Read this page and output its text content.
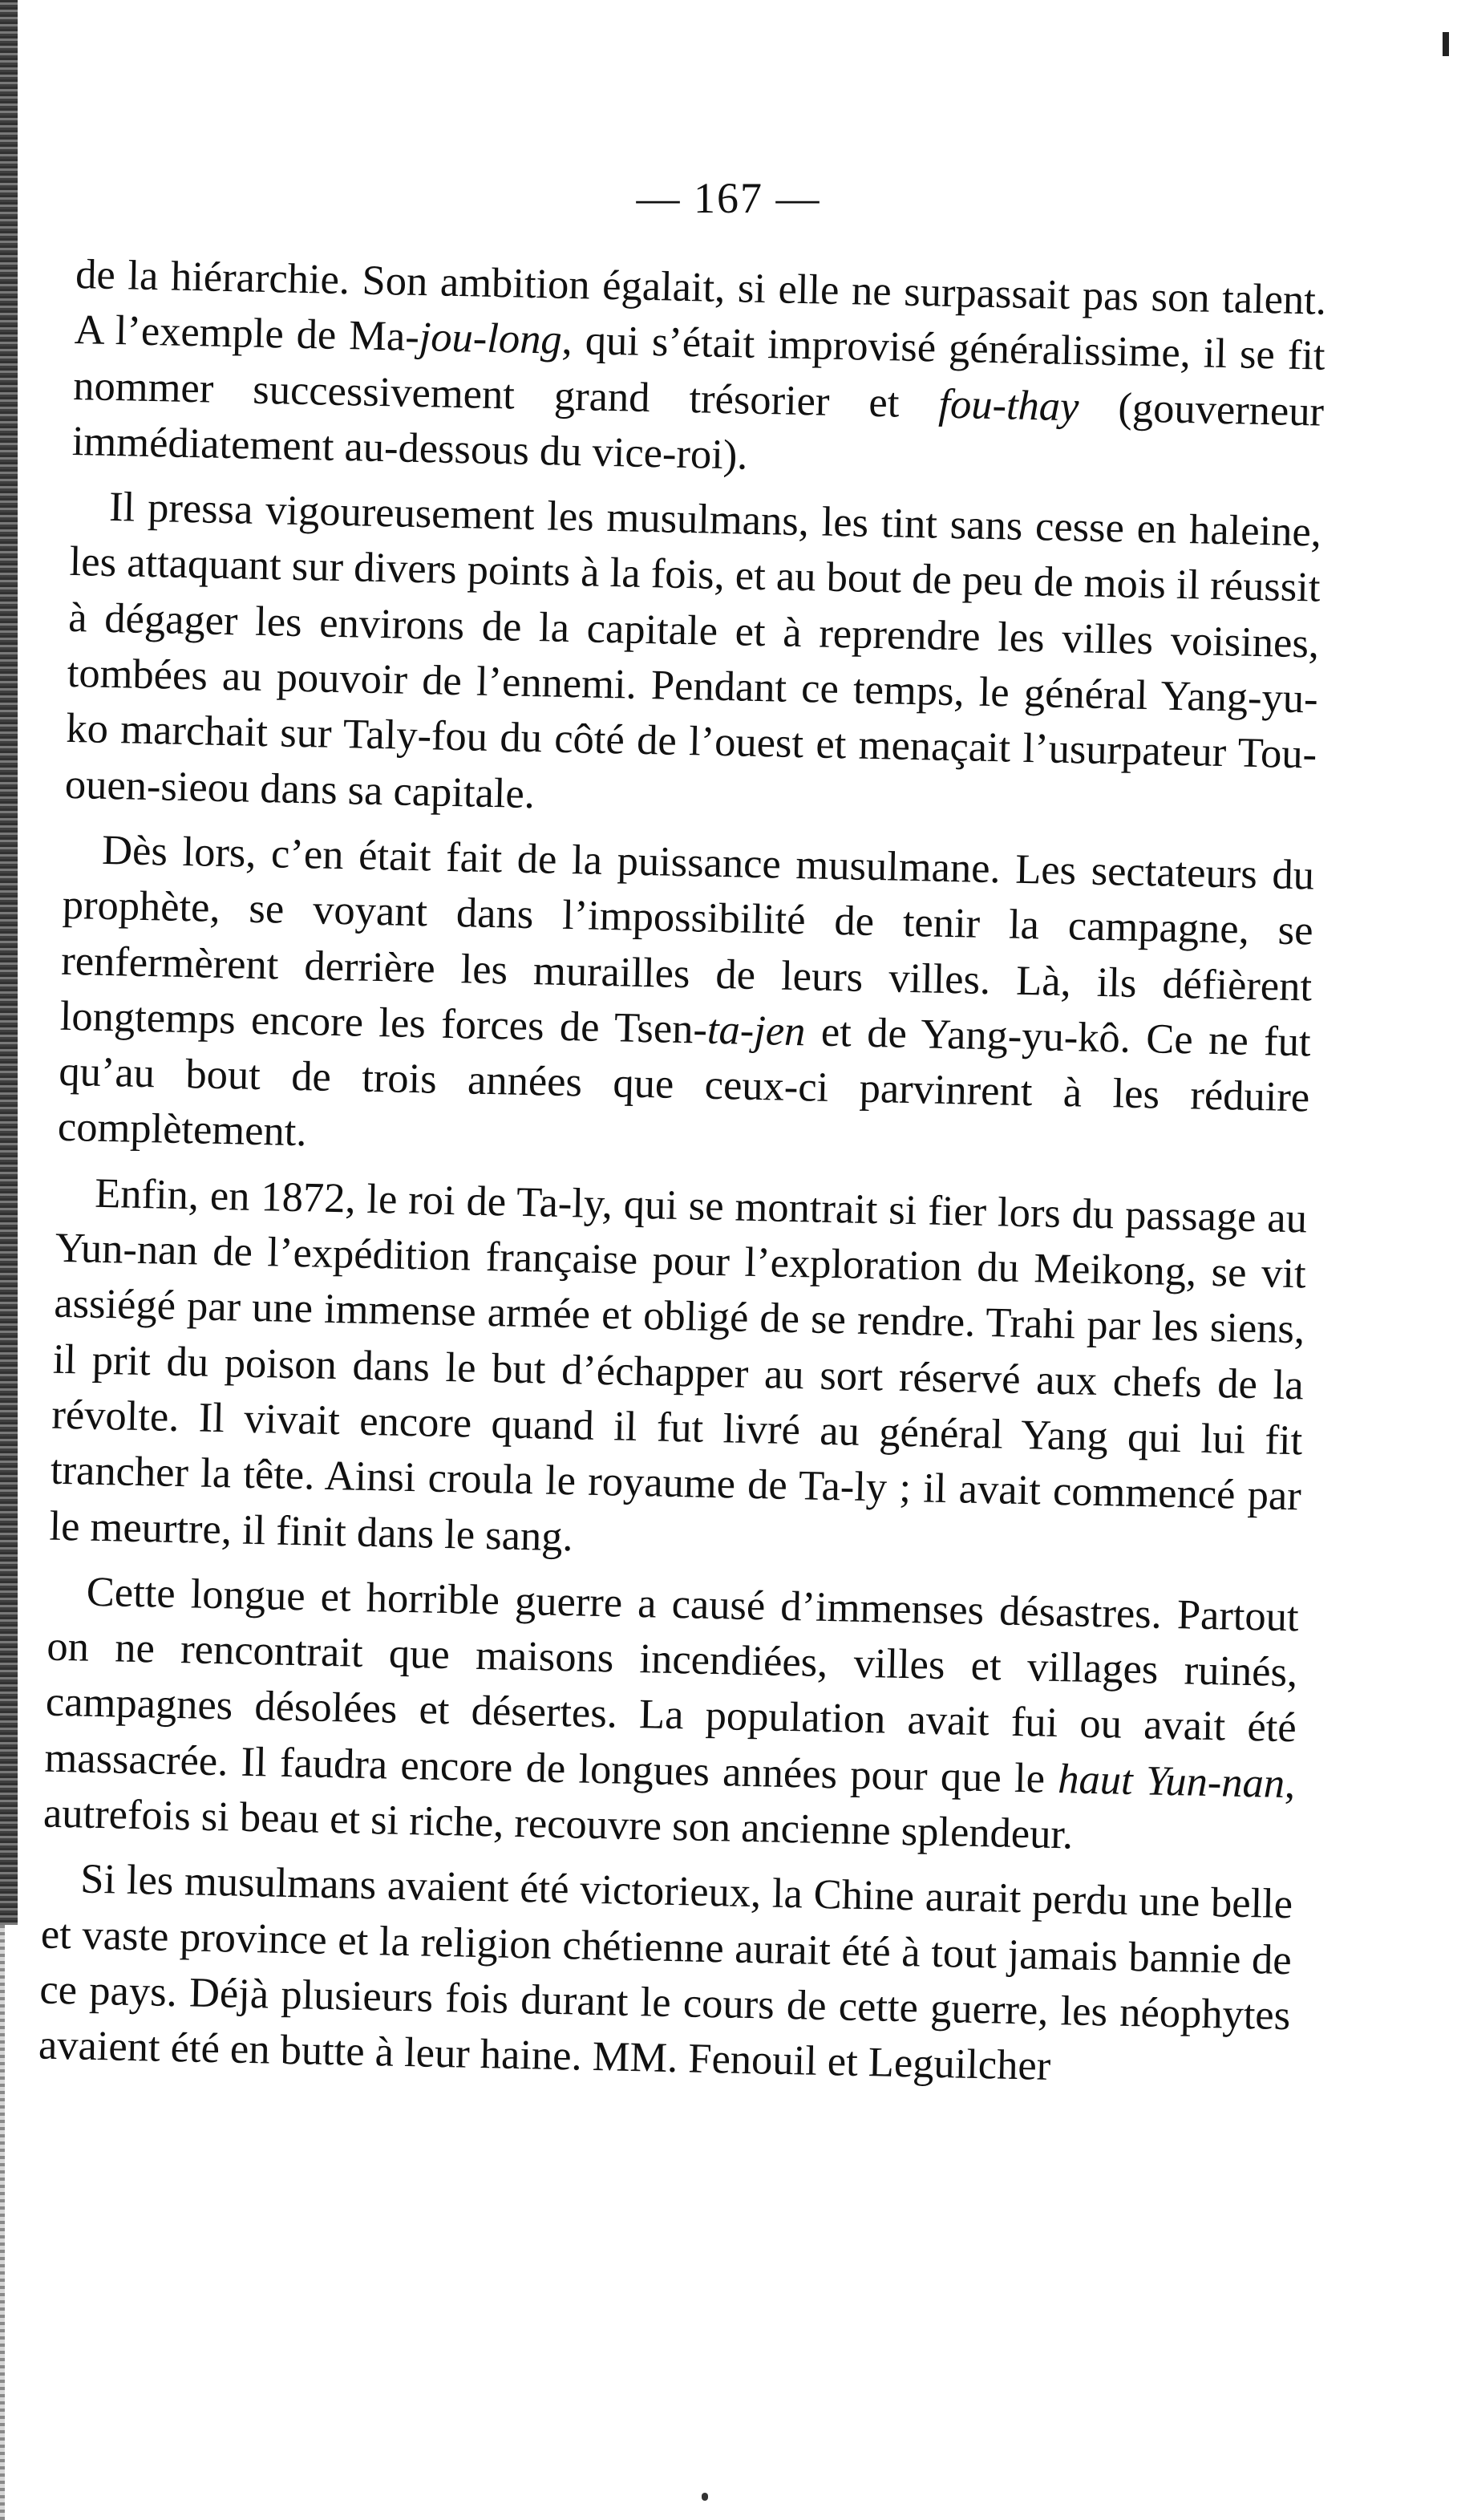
— 167 —

de la hiérarchie. Son ambition égalait, si elle ne surpassait pas son talent. A l’exemple de Ma-jou-long, qui s’était improvisé généralissime, il se fit nommer successivement grand trésorier et fou-thay (gouverneur immédiatement au-dessous du vice-roi).

Il pressa vigoureusement les musulmans, les tint sans cesse en haleine, les attaquant sur divers points à la fois, et au bout de peu de mois il réussit à dégager les environs de la capitale et à reprendre les villes voisines, tombées au pouvoir de l’ennemi. Pendant ce temps, le général Yang-yu-ko marchait sur Taly-fou du côté de l’ouest et menaçait l’usurpateur Tou-ouen-sieou dans sa capitale.

Dès lors, c’en était fait de la puissance musulmane. Les sectateurs du prophète, se voyant dans l’impossibilité de tenir la campagne, se renfermèrent derrière les murailles de leurs villes. Là, ils défièrent longtemps encore les forces de Tsen-ta-jen et de Yang-yu-kô. Ce ne fut qu’au bout de trois années que ceux-ci parvinrent à les réduire complètement.

Enfin, en 1872, le roi de Ta-ly, qui se montrait si fier lors du passage au Yun-nan de l’expédition française pour l’exploration du Meikong, se vit assiégé par une immense armée et obligé de se rendre. Trahi par les siens, il prit du poison dans le but d’échapper au sort réservé aux chefs de la révolte. Il vivait encore quand il fut livré au général Yang qui lui fit trancher la tête. Ainsi croula le royaume de Ta-ly ; il avait commencé par le meurtre, il finit dans le sang.

Cette longue et horrible guerre a causé d’immenses désastres. Partout on ne rencontrait que maisons incendiées, villes et villages ruinés, campagnes désolées et désertes. La population avait fui ou avait été massacrée. Il faudra encore de longues années pour que le haut Yun-nan, autrefois si beau et si riche, recouvre son ancienne splendeur.

Si les musulmans avaient été victorieux, la Chine aurait perdu une belle et vaste province et la religion chétienne aurait été à tout jamais bannie de ce pays. Déjà plusieurs fois durant le cours de cette guerre, les néophytes avaient été en butte à leur haine. MM. Fenouil et Leguilcher
